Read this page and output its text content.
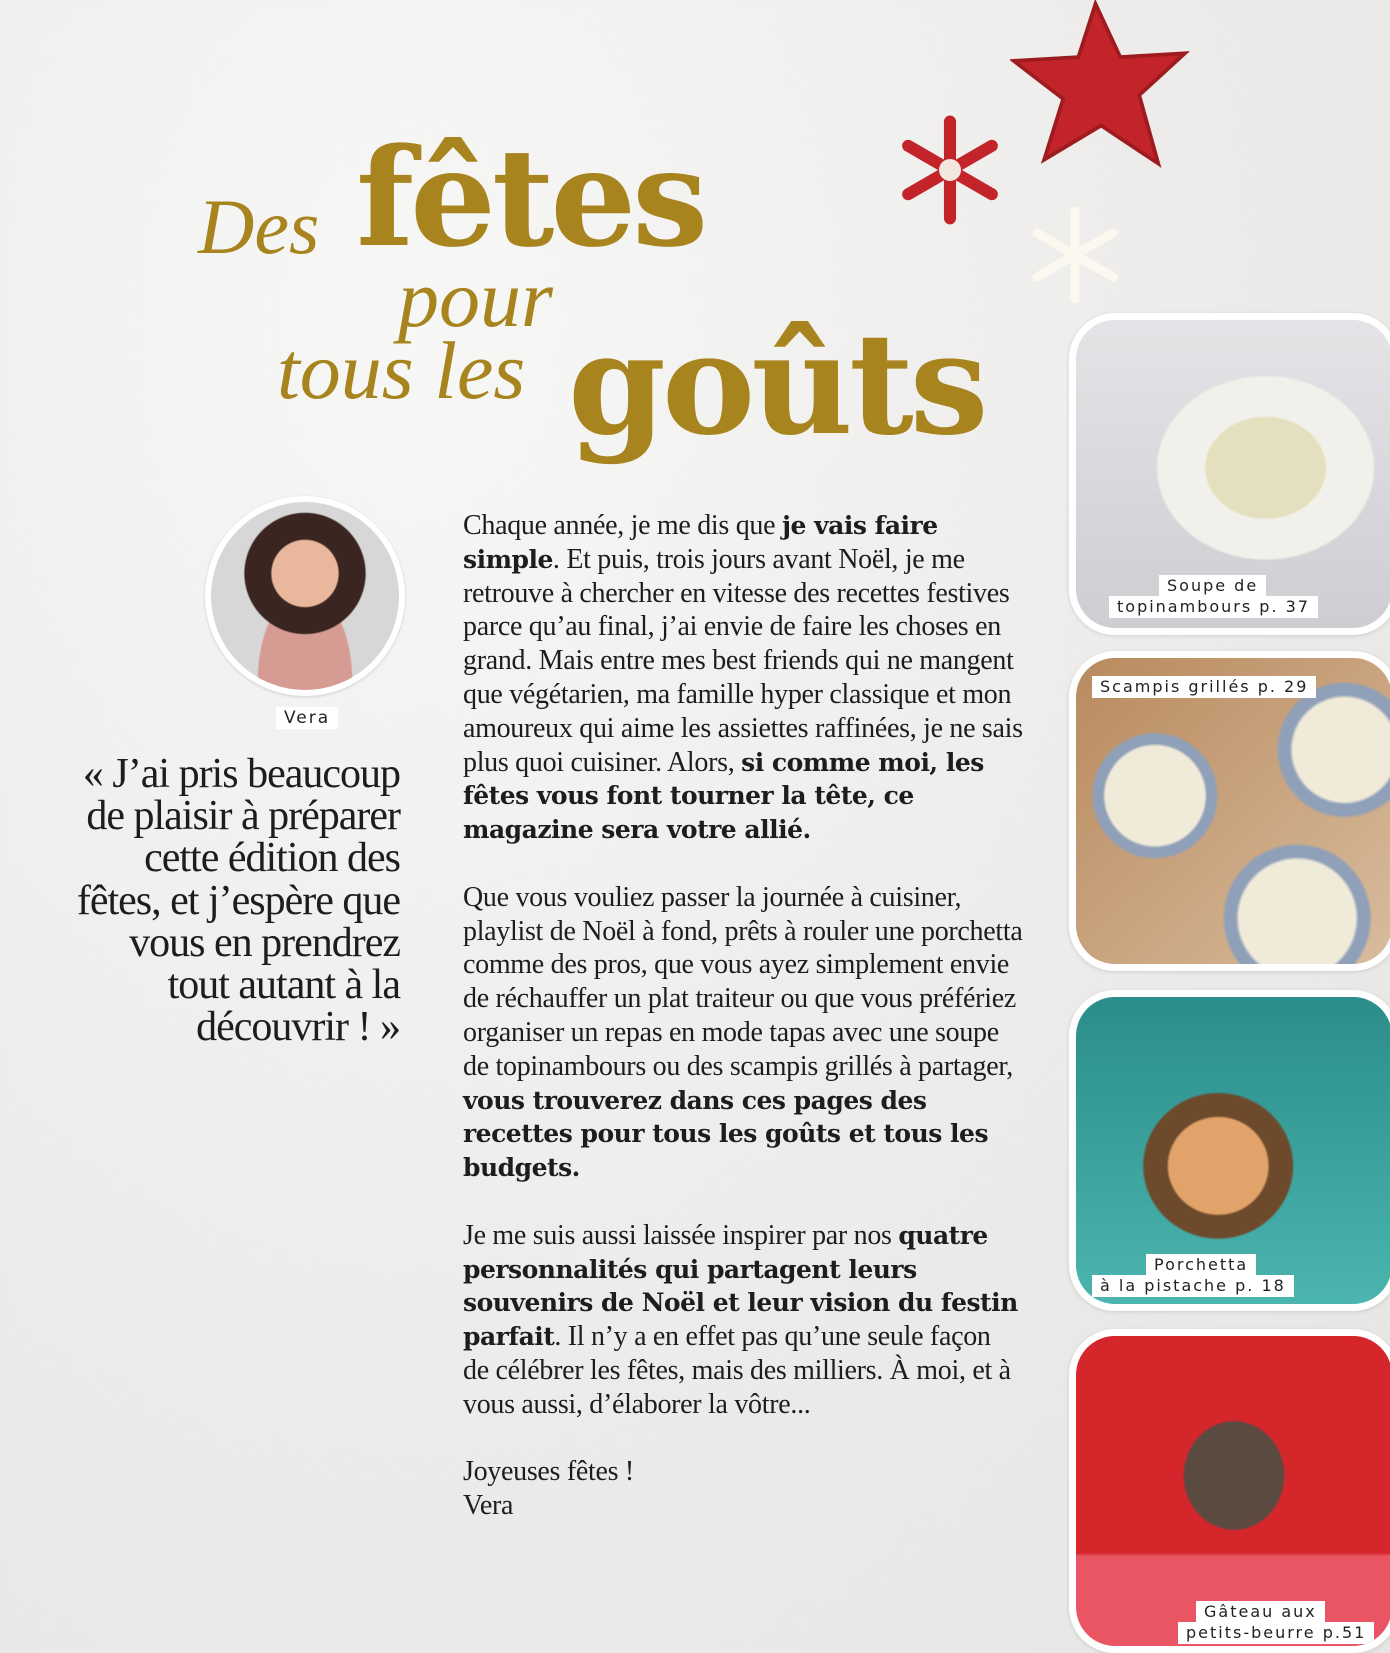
Des fêtes
pour
tous les goûts
Vera
« J’ai pris beaucoup de plaisir à préparer cette édition des fêtes, et j’espère que vous en prendrez tout autant à la découvrir ! »

Chaque année, je me dis que je vais faire simple. Et puis, trois jours avant Noël, je me retrouve à chercher en vitesse des recettes festives parce qu’au final, j’ai envie de faire les choses en grand. Mais entre mes best friends qui ne mangent que végétarien, ma famille hyper classique et mon amoureux qui aime les assiettes raffinées, je ne sais plus quoi cuisiner. Alors, si comme moi, les fêtes vous font tourner la tête, ce magazine sera votre allié.

Que vous vouliez passer la journée à cuisiner, playlist de Noël à fond, prêts à rouler une porchetta comme des pros, que vous ayez simplement envie de réchauffer un plat traiteur ou que vous préfériez organiser un repas en mode tapas avec une soupe de topinambours ou des scampis grillés à partager, vous trouverez dans ces pages des recettes pour tous les goûts et tous les budgets.

Je me suis aussi laissée inspirer par nos quatre personnalités qui partagent leurs souvenirs de Noël et leur vision du festin parfait. Il n’y a en effet pas qu’une seule façon de célébrer les fêtes, mais des milliers. À moi, et à vous aussi, d’élaborer la vôtre...

Joyeuses fêtes !
Vera

Soupe de
topinambours p. 37
Scampis grillés p. 29
Porchetta
à la pistache p. 18
Gâteau aux
petits-beurre p.51
